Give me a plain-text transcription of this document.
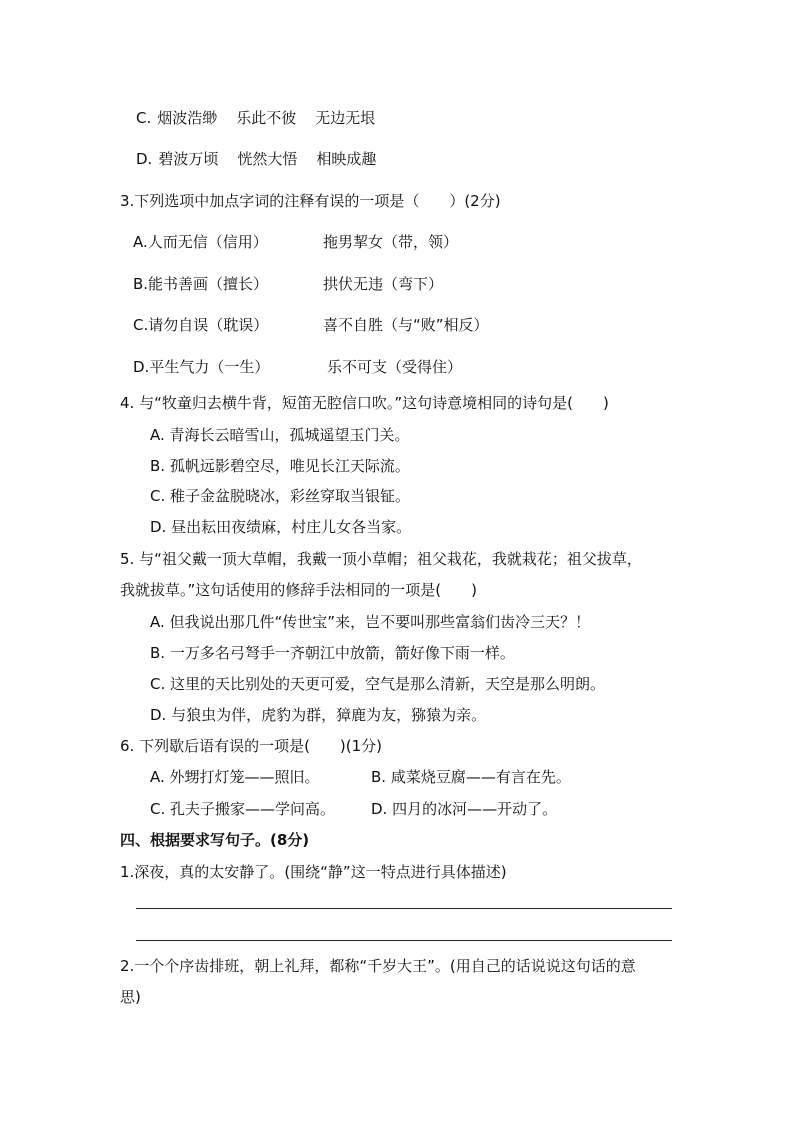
C. 烟波浩缈 乐此不彼 无边无垠
D. 碧波万顷 恍然大悟 相映成趣
3.下列选项中加点字词的注释有误的一项是（　　）(2分)
A.人而无信（信用）	拖男挈女（带，领）
B.能书善画（擅长）	拱伏无违（弯下）
C.请勿自误（耽误）	喜不自胜（与“败”相反）
D.平生气力（一生）	乐不可支（受得住）
4. 与“牧童归去横牛背，短笛无腔信口吹。”这句诗意境相同的诗句是(　　)
A. 青海长云暗雪山，孤城遥望玉门关。
B. 孤帆远影碧空尽，唯见长江天际流。
C. 稚子金盆脱晓冰，彩丝穿取当银钲。
D. 昼出耘田夜绩麻，村庄儿女各当家。
5. 与“祖父戴一顶大草帽，我戴一顶小草帽；祖父栽花，我就栽花；祖父拔草，
我就拔草。”这句话使用的修辞手法相同的一项是(　　)
A. 但我说出那几件“传世宝”来，岂不要叫那些富翁们齿冷三天？！
B. 一万多名弓弩手一齐朝江中放箭，箭好像下雨一样。
C. 这里的天比别处的天更可爱，空气是那么清新，天空是那么明朗。
D. 与狼虫为伴，虎豹为群，獐鹿为友，猕猿为亲。
6. 下列歇后语有误的一项是(　　)(1分)
A. 外甥打灯笼——照旧。	B. 咸菜烧豆腐——有言在先。
C. 孔夫子搬家——学问高。 D. 四月的冰河——开动了。
四、根据要求写句子。(8分)
1.深夜，真的太安静了。(围绕“静”这一特点进行具体描述)
2.一个个序齿排班，朝上礼拜，都称“千岁大王”。(用自己的话说说这句话的意
思)
